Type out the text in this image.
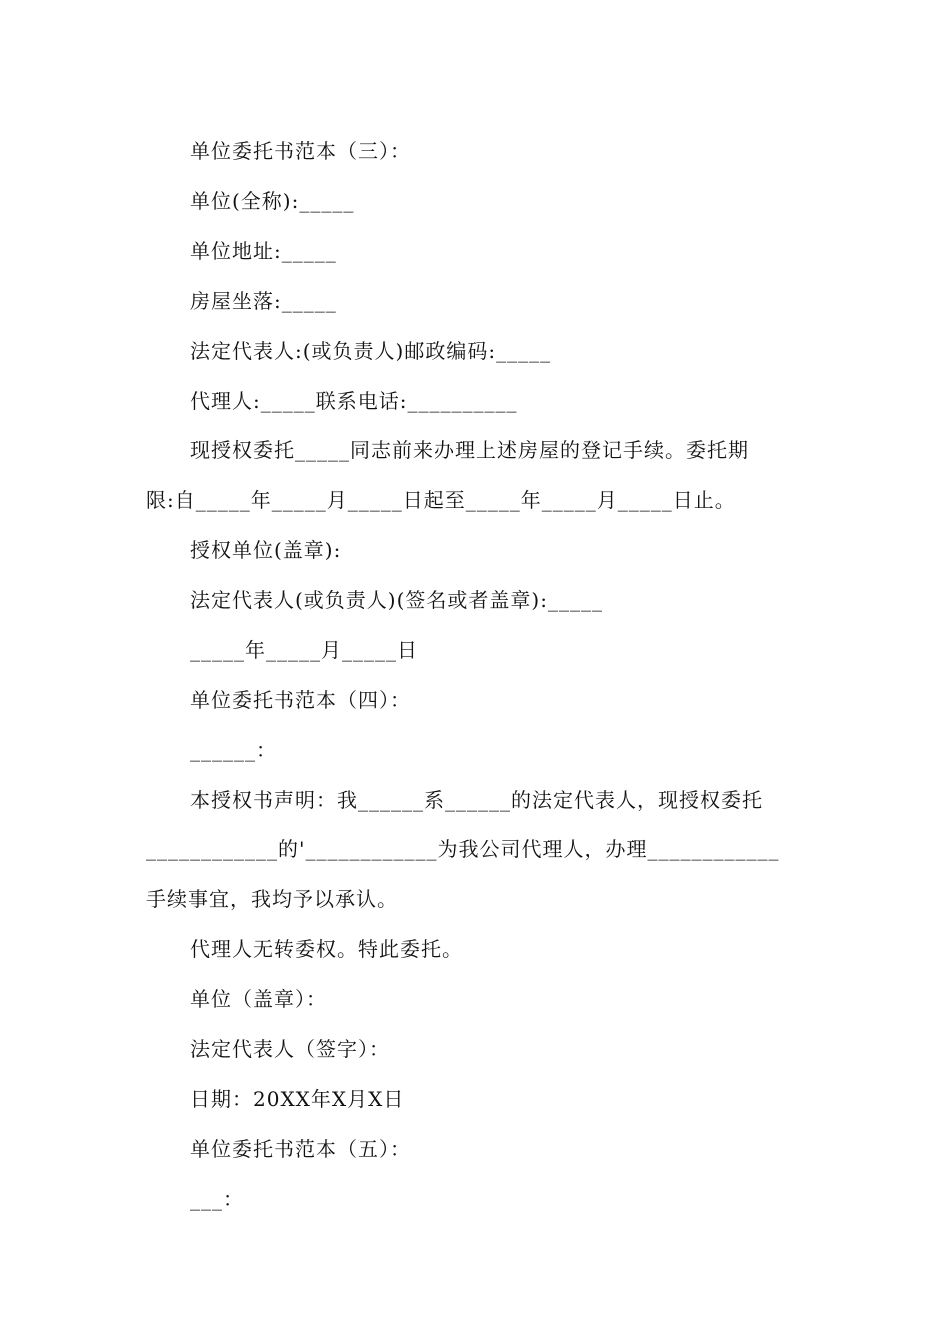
单位委托书范本（三）：
单位(全称):_____
单位地址:_____
房屋坐落:_____
法定代表人:(或负责人)邮政编码:_____
代理人:_____联系电话:__________
现授权委托_____同志前来办理上述房屋的登记手续。委托期
限:自_____年_____月_____日起至_____年_____月_____日止。
授权单位(盖章):
法定代表人(或负责人)(签名或者盖章):_____
_____年_____月_____日
单位委托书范本（四）：
______：
本授权书声明：我______系______的法定代表人，现授权委托
____________的'____________为我公司代理人，办理____________
手续事宜，我均予以承认。
代理人无转委权。特此委托。
单位（盖章）：
法定代表人（签字）：
日期：20XX年X月X日
单位委托书范本（五）：
___：
